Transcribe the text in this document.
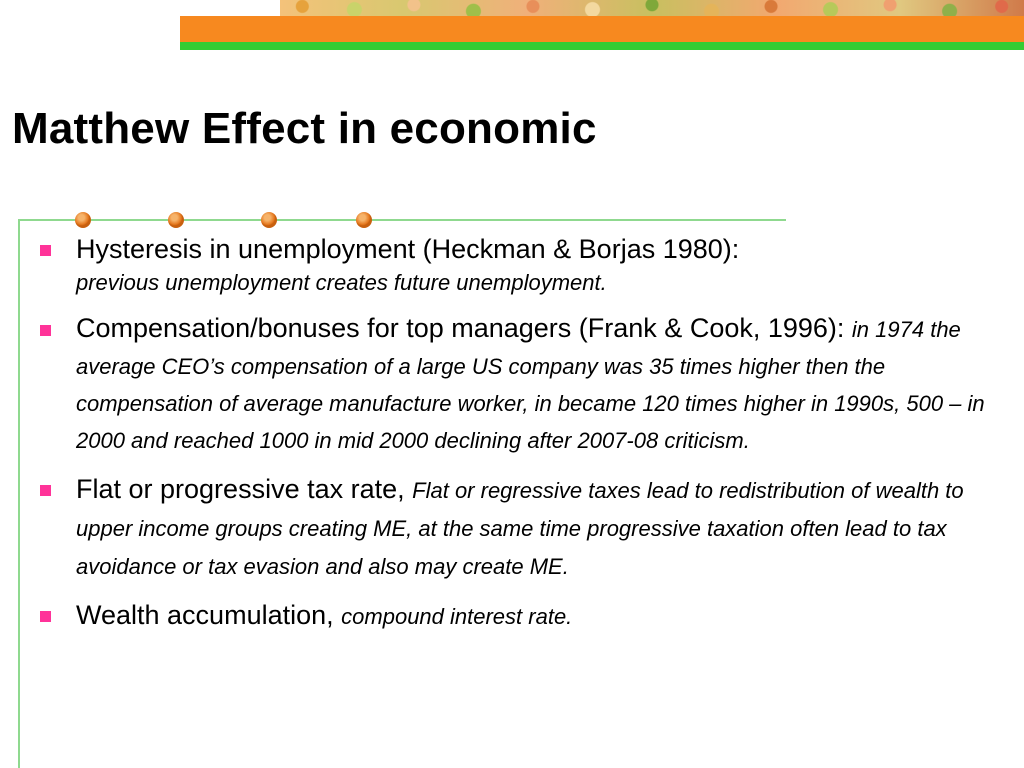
Matthew Effect in economic
Hysteresis in unemployment (Heckman & Borjas 1980):
previous unemployment creates future unemployment.
Compensation/bonuses for top managers (Frank & Cook, 1996): in 1974 the average CEO’s compensation of a large US company was 35 times higher then the compensation of average manufacture worker, in became 120 times higher in 1990s, 500 – in 2000 and reached 1000 in mid 2000 declining after 2007-08 criticism.
Flat or progressive tax rate, Flat or regressive taxes lead to redistribution of wealth to upper income groups creating ME, at the same time progressive taxation often lead to tax avoidance or tax evasion and also may create ME.
Wealth accumulation, compound interest rate.
